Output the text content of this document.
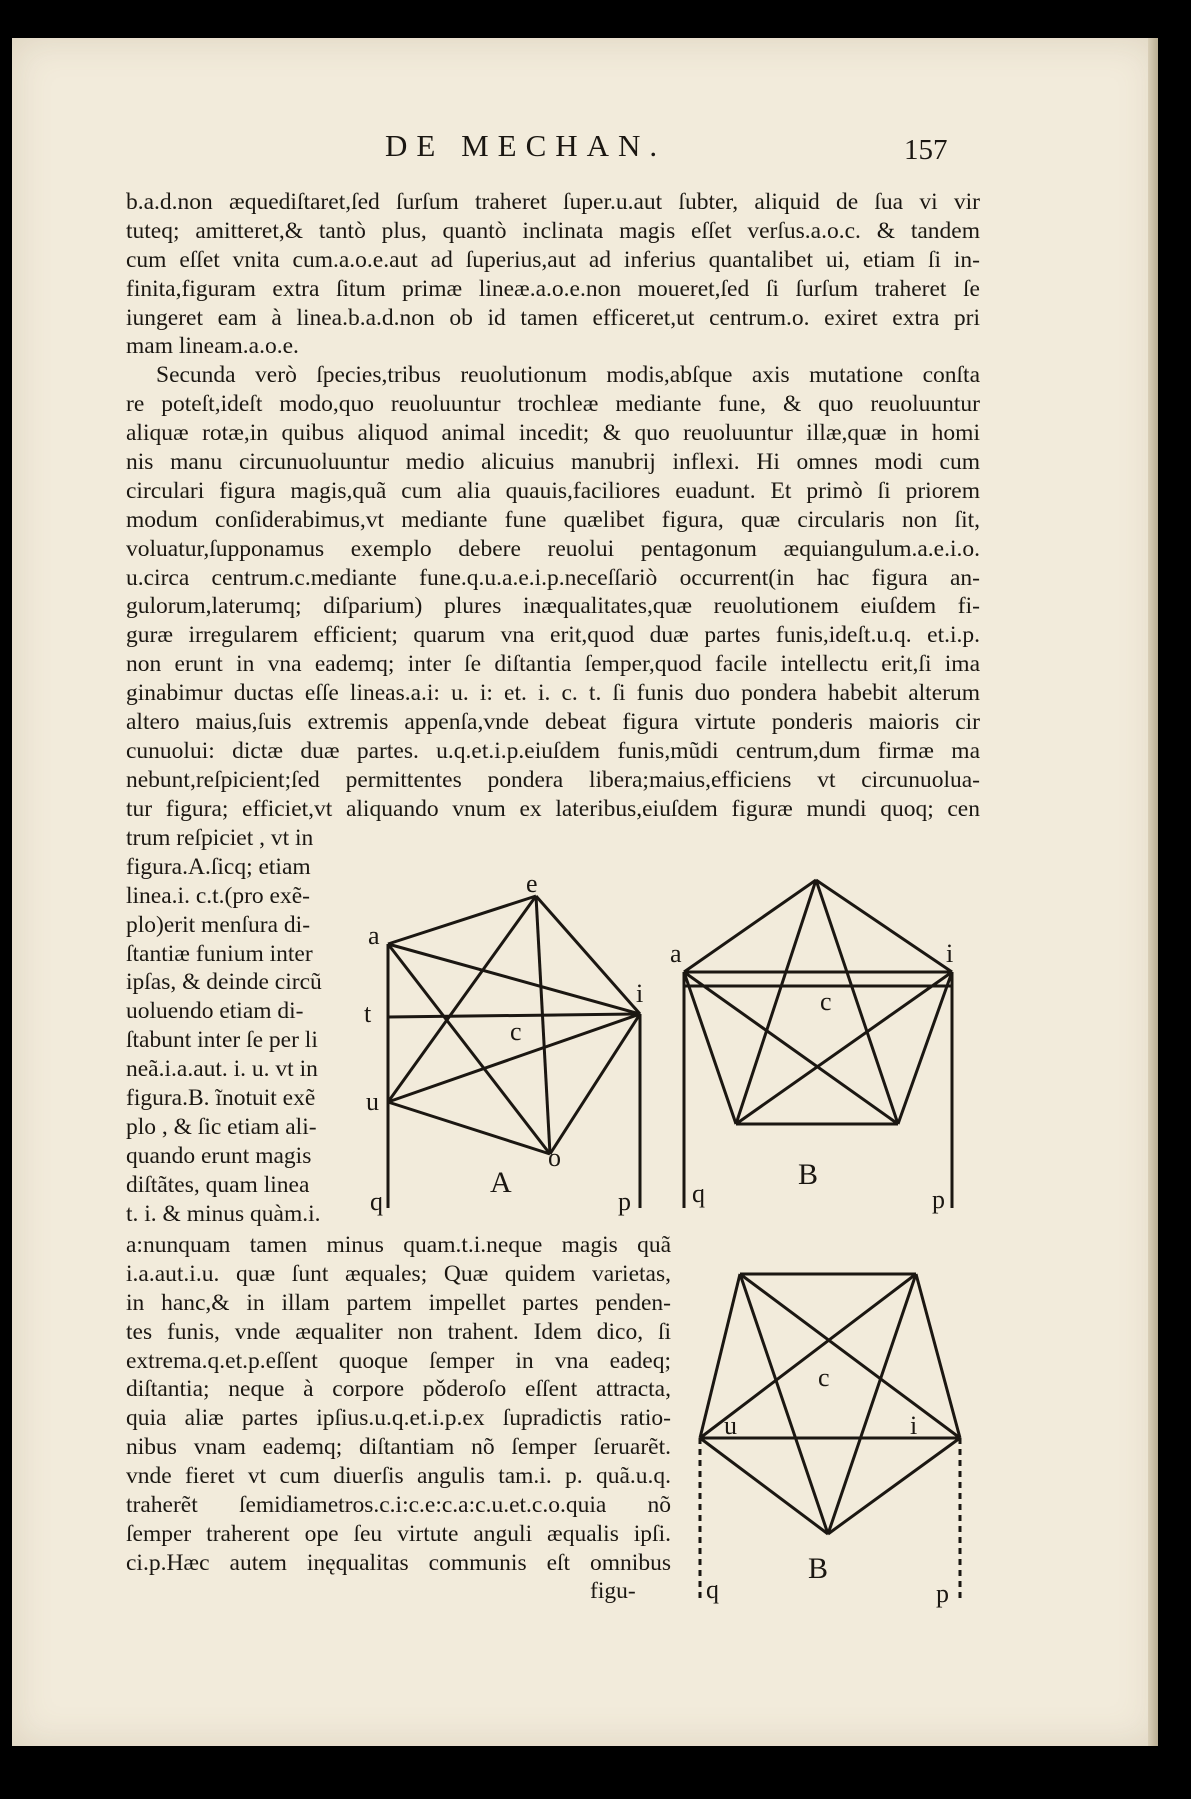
DE MECHAN.	157
b.a.d.non æquediſtaret,ſed ſurſum traheret ſuper.u.aut ſubter, aliquid de ſua vi vir
tuteq; amitteret,& tantò plus, quantò inclinata magis eſſet verſus.a.o.c. & tandem
cum eſſet vnita cum.a.o.e.aut ad ſuperius,aut ad inferius quantalibet ui, etiam ſi in-
finita,figuram extra ſitum primæ lineæ.a.o.e.non moueret,ſed ſi ſurſum traheret ſe
iungeret eam à linea.b.a.d.non ob id tamen efficeret,ut centrum.o. exiret extra pri
mam lineam.a.o.e.
Secunda verò ſpecies,tribus reuolutionum modis,abſque axis mutatione conſta
re poteſt,ideſt modo,quo reuoluuntur trochleæ mediante fune, & quo reuoluuntur
aliquæ rotæ,in quibus aliquod animal incedit; & quo reuoluuntur illæ,quæ in homi
nis manu circunuoluuntur medio alicuius manubrij inflexi. Hi omnes modi cum
circulari figura magis,quã cum alia quauis,faciliores euadunt. Et primò ſi priorem
modum conſiderabimus,vt mediante fune quælibet figura, quæ circularis non ſit,
voluatur,ſupponamus exemplo debere reuolui pentagonum æquiangulum.a.e.i.o.
u.circa centrum.c.mediante fune.q.u.a.e.i.p.neceſſariò occurrent(in hac figura an-
gulorum,laterumq; diſparium) plures inæqualitates,quæ reuolutionem eiuſdem fi-
guræ irregularem efficient; quarum vna erit,quod duæ partes funis,ideſt.u.q. et.i.p.
non erunt in vna eademq; inter ſe diſtantia ſemper,quod facile intellectu erit,ſi ima
ginabimur ductas eſſe lineas.a.i: u. i: et. i. c. t. ſi funis duo pondera habebit alterum
altero maius,ſuis extremis appenſa,vnde debeat figura virtute ponderis maioris cir
cunuolui: dictæ duæ partes. u.q.et.i.p.eiuſdem funis,mũdi centrum,dum firmæ ma
nebunt,reſpicient;ſed permittentes pondera libera;maius,efficiens vt circunuolua-
tur figura; efficiet,vt aliquando vnum ex lateribus,eiuſdem figuræ mundi quoq; cen
trum reſpiciet , vt in
figura.A.ſicq; etiam
linea.i. c.t.(pro exẽ-
plo)erit menſura di-
ſtantiæ funium inter
ipſas, & deinde circũ
uoluendo etiam di-
ſtabunt inter ſe per li
neã.i.a.aut. i. u. vt in
figura.B. ĩnotuit exẽ
plo , & ſic etiam ali-
quando erunt magis
diſtãtes, quam linea
t. i. & minus quàm.i.
a:nunquam tamen minus quam.t.i.neque magis quã
i.a.aut.i.u. quæ ſunt æquales; Quæ quidem varietas,
in hanc,& in illam partem impellet partes penden-
tes funis, vnde æqualiter non trahent. Idem dico, ſi
extrema.q.et.p.eſſent quoque ſemper in vna eadeq;
diſtantia; neque à corpore pǒderoſo eſſent attracta,
quia aliæ partes ipſius.u.q.et.i.p.ex ſupradictis ratio-
nibus vnam eademq; diſtantiam nõ ſemper ſeruarẽt.
vnde fieret vt cum diuerſis angulis tam.i. p. quã.u.q.
traherẽt ſemidiametros.c.i:c.e:c.a:c.u.et.c.o.quia nõ
ſemper traherent ope ſeu virtute anguli æqualis ipſi.
ci.p.Hæc autem inęqualitas communis eſt omnibus
figu-
e
a
i
c
t
u
o
q	p
A
a	i
c
q	p
B
c
u	i
q	p
B
